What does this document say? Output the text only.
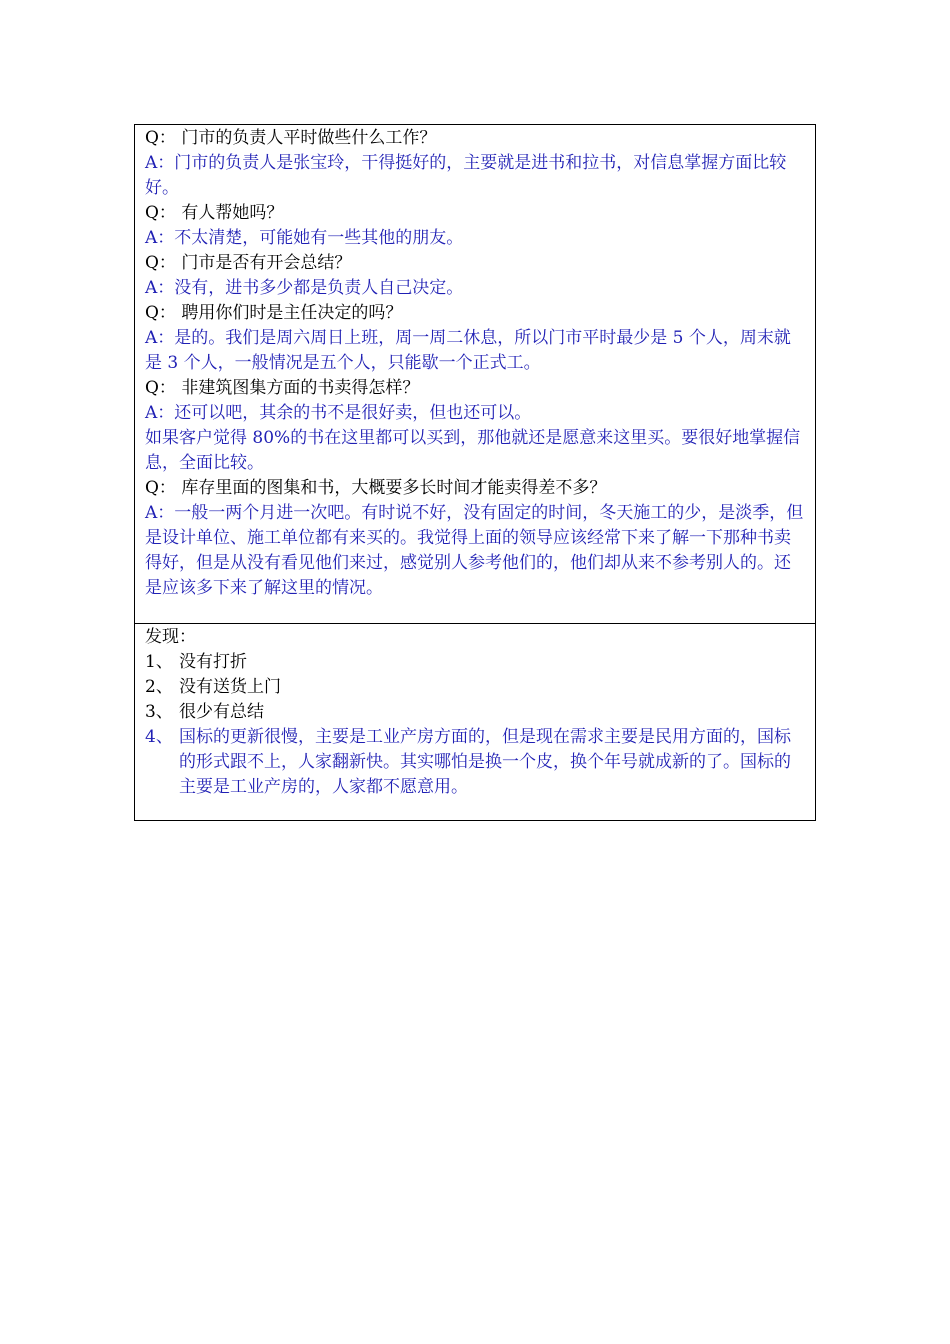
Q： 门市的负责人平时做些什么工作？

A：门市的负责人是张宝玲，干得挺好的，主要就是进书和拉书，对信息掌握方面比较好。

Q： 有人帮她吗？

A：不太清楚，可能她有一些其他的朋友。

Q： 门市是否有开会总结？

A：没有，进书多少都是负责人自己决定。

Q： 聘用你们时是主任决定的吗？

A：是的。我们是周六周日上班，周一周二休息，所以门市平时最少是 5 个人，周末就是 3 个人，一般情况是五个人，只能歇一个正式工。

Q： 非建筑图集方面的书卖得怎样？

A：还可以吧，其余的书不是很好卖，但也还可以。

如果客户觉得 80%的书在这里都可以买到，那他就还是愿意来这里买。要很好地掌握信息，全面比较。

Q： 库存里面的图集和书，大概要多长时间才能卖得差不多？

A：一般一两个月进一次吧。有时说不好，没有固定的时间，冬天施工的少，是淡季，但是设计单位、施工单位都有来买的。我觉得上面的领导应该经常下来了解一下那种书卖得好，但是从没有看见他们来过，感觉别人参考他们的，他们却从来不参考别人的。还是应该多下来了解这里的情况。

发现：

1、 没有打折
2、 没有送货上门
3、 很少有总结
4、 国标的更新很慢，主要是工业产房方面的，但是现在需求主要是民用方面的，国标的形式跟不上，人家翻新快。其实哪怕是换一个皮，换个年号就成新的了。国标的主要是工业产房的，人家都不愿意用。
